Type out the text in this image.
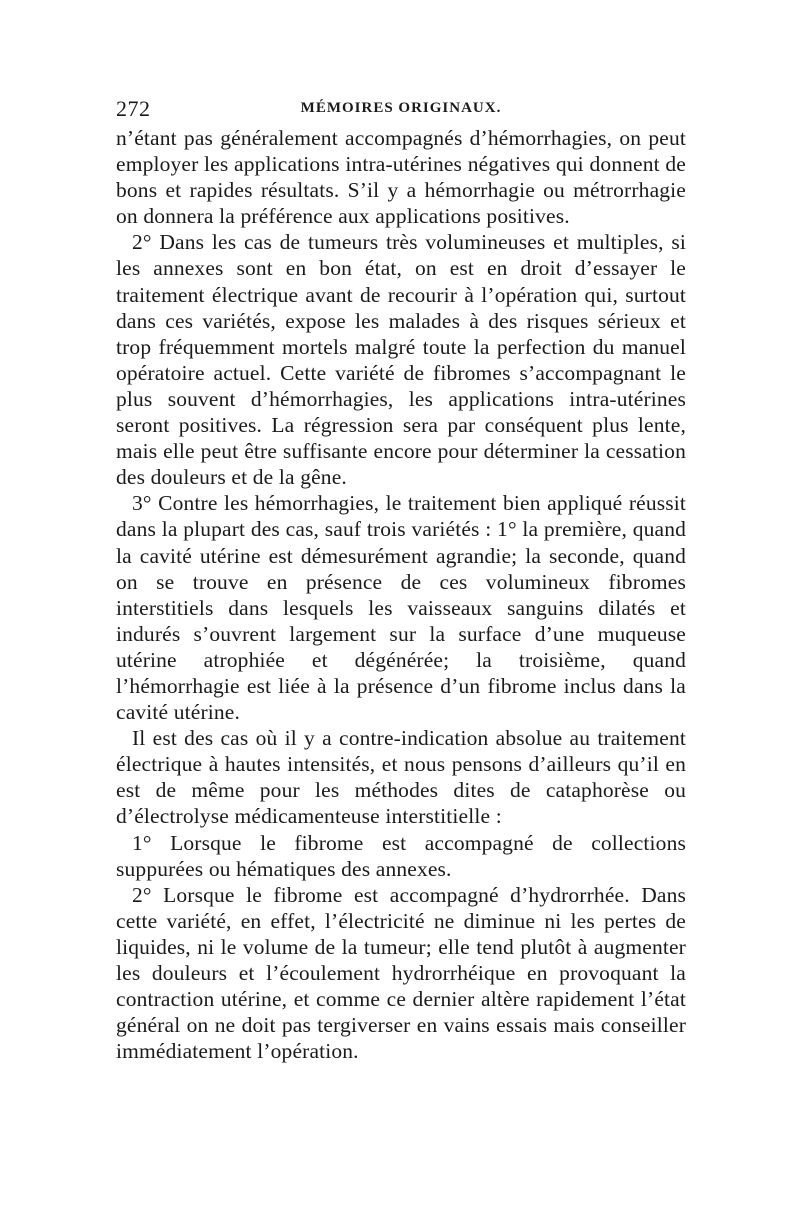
272	MÉMOIRES ORIGINAUX.

n’étant pas généralement accompagnés d’hémorrhagies, on peut employer les applications intra-utérines négatives qui donnent de bons et rapides résultats. S’il y a hémorrhagie ou métrorrhagie on donnera la préférence aux applications positives.

2° Dans les cas de tumeurs très volumineuses et multiples, si les annexes sont en bon état, on est en droit d’essayer le traitement électrique avant de recourir à l’opération qui, surtout dans ces variétés, expose les malades à des risques sérieux et trop fréquemment mortels malgré toute la perfection du manuel opératoire actuel. Cette variété de fibromes s’accompagnant le plus souvent d’hémorrhagies, les applications intra-utérines seront positives. La régression sera par conséquent plus lente, mais elle peut être suffisante encore pour déterminer la cessation des douleurs et de la gêne.

3° Contre les hémorrhagies, le traitement bien appliqué réussit dans la plupart des cas, sauf trois variétés : 1° la première, quand la cavité utérine est démesurément agrandie; la seconde, quand on se trouve en présence de ces volumineux fibromes interstitiels dans lesquels les vaisseaux sanguins dilatés et indurés s’ouvrent largement sur la surface d’une muqueuse utérine atrophiée et dégénérée; la troisième, quand l’hémorrhagie est liée à la présence d’un fibrome inclus dans la cavité utérine.

Il est des cas où il y a contre-indication absolue au traitement électrique à hautes intensités, et nous pensons d’ailleurs qu’il en est de même pour les méthodes dites de cataphorèse ou d’électrolyse médicamenteuse interstitielle :

1° Lorsque le fibrome est accompagné de collections suppurées ou hématiques des annexes.

2° Lorsque le fibrome est accompagné d’hydrorrhée. Dans cette variété, en effet, l’électricité ne diminue ni les pertes de liquides, ni le volume de la tumeur; elle tend plutôt à augmenter les douleurs et l’écoulement hydrorrhéique en provoquant la contraction utérine, et comme ce dernier altère rapidement l’état général on ne doit pas tergiverser en vains essais mais conseiller immédiatement l’opération.
